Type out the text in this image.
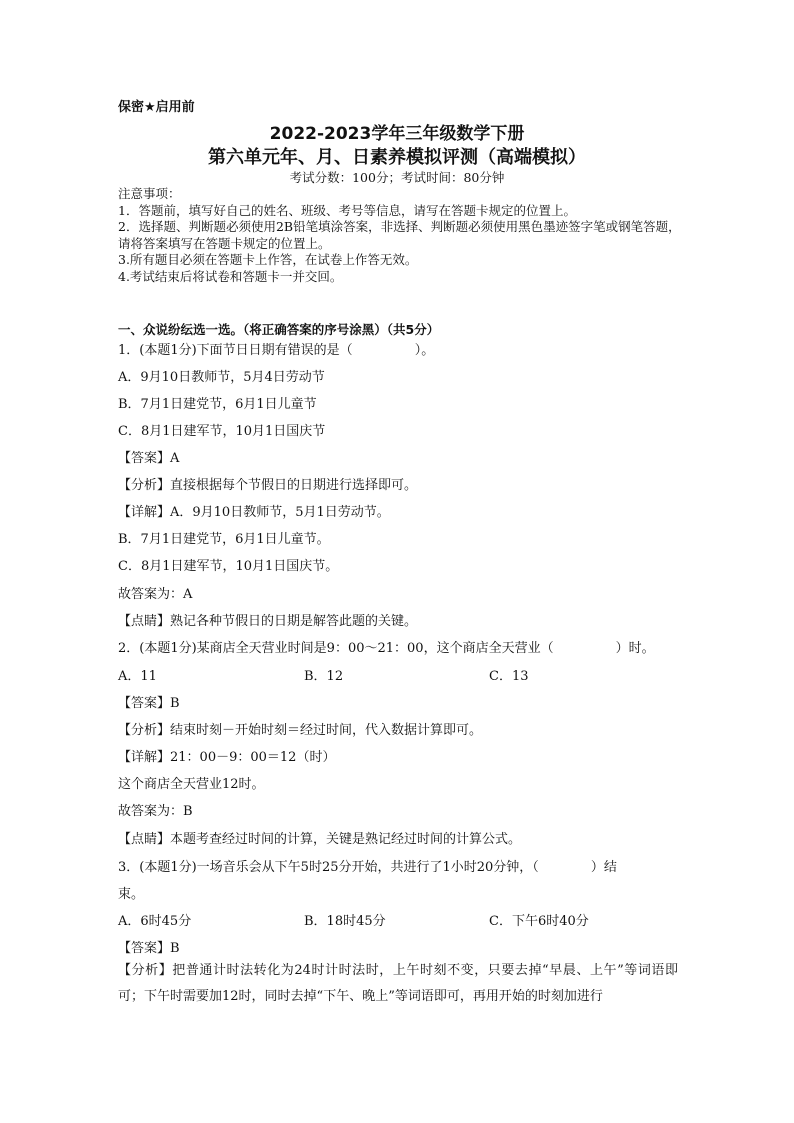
保密★启用前
2022-2023学年三年级数学下册
第六单元年、月、日素养模拟评测（高端模拟）
考试分数：100分；考试时间：80分钟
注意事项：
1．答题前，填写好自己的姓名、班级、考号等信息，请写在答题卡规定的位置上。
2．选择题、判断题必须使用2B铅笔填涂答案，非选择、判断题必须使用黑色墨迹签字笔或钢笔答题，请将答案填写在答题卡规定的位置上。
3.所有题目必须在答题卡上作答，在试卷上作答无效。
4.考试结束后将试卷和答题卡一并交回。
一、众说纷纭选一选。（将正确答案的序号涂黑）（共5分）
1．(本题1分)下面节日日期有错误的是（	）。
A．9月10日教师节，5月4日劳动节
B．7月1日建党节，6月1日儿童节
C．8月1日建军节，10月1日国庆节
【答案】A
【分析】直接根据每个节假日的日期进行选择即可。
【详解】A．9月10日教师节，5月1日劳动节。
B．7月1日建党节，6月1日儿童节。
C．8月1日建军节，10月1日国庆节。
故答案为：A
【点睛】熟记各种节假日的日期是解答此题的关键。
2．(本题1分)某商店全天营业时间是9：00～21：00，这个商店全天营业（	）时。
A．11	B．12	C．13
【答案】B
【分析】结束时刻－开始时刻＝经过时间，代入数据计算即可。
【详解】21：00－9：00＝12（时）
这个商店全天营业12时。
故答案为：B
【点睛】本题考查经过时间的计算，关键是熟记经过时间的计算公式。
3．(本题1分)一场音乐会从下午5时25分开始，共进行了1小时20分钟，（	）结
束。
A．6时45分	B．18时45分	C．下午6时40分
【答案】B
【分析】把普通计时法转化为24时计时法时，上午时刻不变，只要去掉“早晨、上午”等词语即可；下午时需要加12时，同时去掉“下午、晚上”等词语即可，再用开始的时刻加进行
